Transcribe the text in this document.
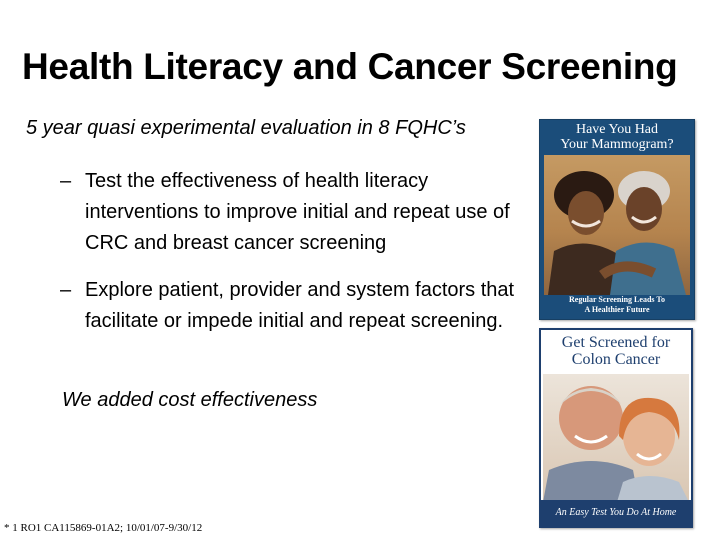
Health Literacy and Cancer Screening
5 year quasi experimental evaluation in 8 FQHC’s
– Test the effectiveness of health literacy interventions to improve initial and repeat use of CRC and breast cancer screening
– Explore patient, provider and system factors that facilitate or impede initial and repeat screening.
We added cost effectiveness
* 1 RO1 CA115869-01A2; 10/01/07-9/30/12
Have You Had
Your Mammogram?
Regular Screening Leads To
A Healthier Future
Get Screened for
Colon Cancer
An Easy Test You Do At Home
